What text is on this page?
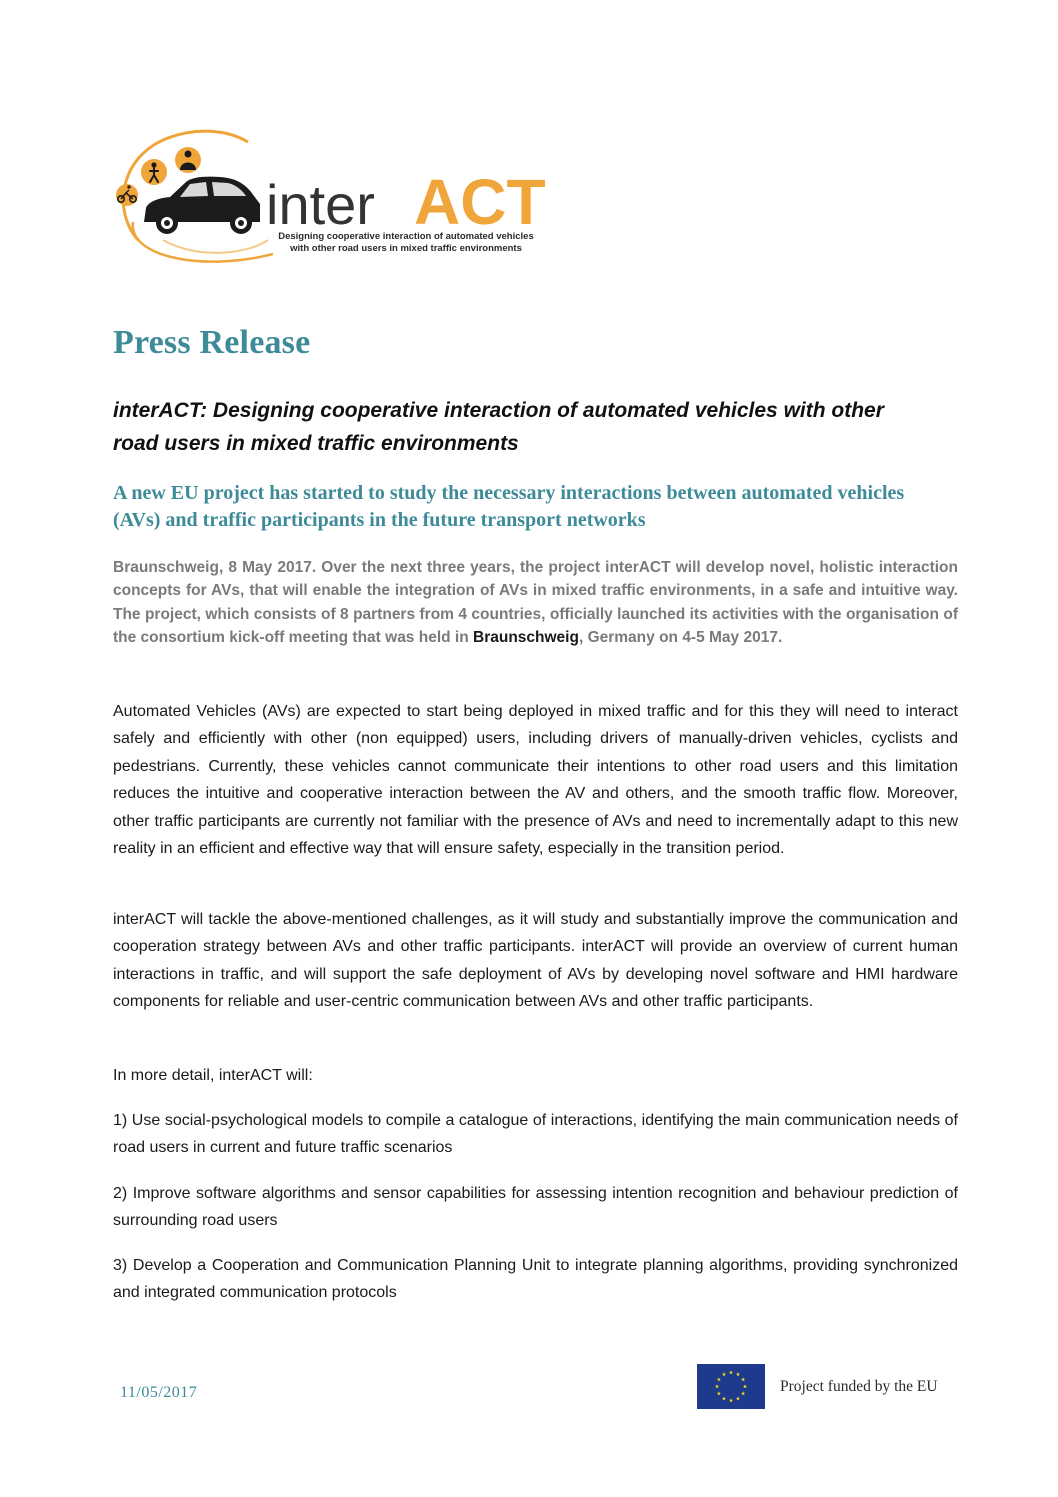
inter ACT
Designing cooperative interaction of automated vehicles
with other road users in mixed traffic environments
Press Release
interACT: Designing cooperative interaction of automated vehicles with other
road users in mixed traffic environments
A new EU project has started to study the necessary interactions between automated vehicles (AVs) and traffic participants in the future transport networks

Braunschweig, 8 May 2017. Over the next three years, the project interACT will develop novel, holistic interaction concepts for AVs, that will enable the integration of AVs in mixed traffic environments, in a safe and intuitive way. The project, which consists of 8 partners from 4 countries, officially launched its activities with the organisation of the consortium kick-off meeting that was held in Braunschweig, Germany on 4-5 May 2017.

Automated Vehicles (AVs) are expected to start being deployed in mixed traffic and for this they will need to interact safely and efficiently with other (non equipped) users, including drivers of manually-driven vehicles, cyclists and pedestrians. Currently, these vehicles cannot communicate their intentions to other road users and this limitation reduces the intuitive and cooperative interaction between the AV and others, and the smooth traffic flow. Moreover, other traffic participants are currently not familiar with the presence of AVs and need to incrementally adapt to this new reality in an efficient and effective way that will ensure safety, especially in the transition period.

interACT will tackle the above-mentioned challenges, as it will study and substantially improve the communication and cooperation strategy between AVs and other traffic participants. interACT will provide an overview of current human interactions in traffic, and will support the safe deployment of AVs by developing novel software and HMI hardware components for reliable and user-centric communication between AVs and other traffic participants.

In more detail, interACT will:

1) Use social-psychological models to compile a catalogue of interactions, identifying the main communication needs of road users in current and future traffic scenarios

2) Improve software algorithms and sensor capabilities for assessing intention recognition and behaviour prediction of surrounding road users

3) Develop a Cooperation and Communication Planning Unit to integrate planning algorithms, providing synchronized and integrated communication protocols

11/05/2017	Project funded by the EU
